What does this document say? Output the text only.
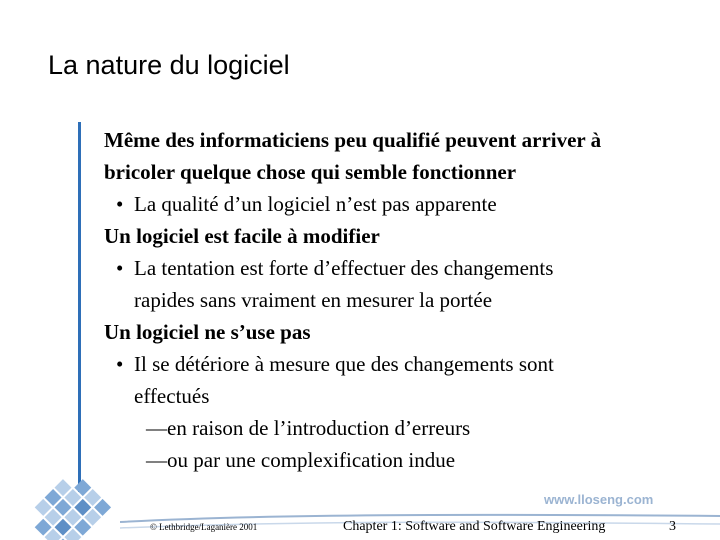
La nature du logiciel
Même des informaticiens peu qualifié peuvent arriver à
bricoler quelque chose qui semble fonctionner
• La qualité d’un logiciel n’est pas apparente
Un logiciel est facile à modifier
• La tentation est forte d’effectuer des changements
rapides sans vraiment en mesurer la portée
Un logiciel ne s’use pas
• Il se détériore à mesure que des changements sont
effectués
—en raison de l’introduction d’erreurs
—ou par une complexification indue
www.lloseng.com
© Lethbridge/Laganière 2001	Chapter 1: Software and Software Engineering	3
